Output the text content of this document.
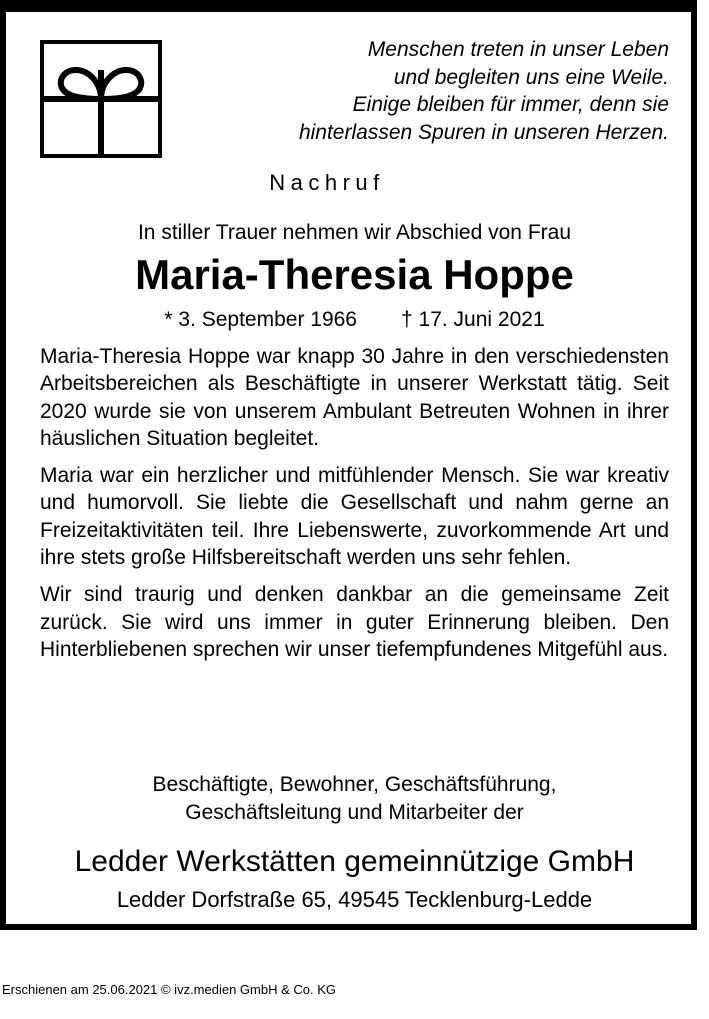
Menschen treten in unser Leben
und begleiten uns eine Weile.
Einige bleiben für immer, denn sie
hinterlassen Spuren in unseren Herzen.
Nachruf
In stiller Trauer nehmen wir Abschied von Frau
Maria-Theresia Hoppe
* 3. September 1966 † 17. Juni 2021

Maria-Theresia Hoppe war knapp 30 Jahre in den verschiedensten Arbeitsbereichen als Beschäftigte in unserer Werkstatt tätig. Seit 2020 wurde sie von unserem Ambulant Betreuten Wohnen in ihrer häuslichen Situation begleitet.

Maria war ein herzlicher und mitfühlender Mensch. Sie war kreativ und humorvoll. Sie liebte die Gesellschaft und nahm gerne an Freizeitaktivitäten teil. Ihre Liebenswerte, zuvorkommende Art und ihre stets große Hilfsbereitschaft werden uns sehr fehlen.

Wir sind traurig und denken dankbar an die gemeinsame Zeit zurück. Sie wird uns immer in guter Erinnerung bleiben. Den Hinterbliebenen sprechen wir unser tiefempfundenes Mitgefühl aus.

Beschäftigte, Bewohner, Geschäftsführung,
Geschäftsleitung und Mitarbeiter der
Ledder Werkstätten gemeinnützige GmbH
Ledder Dorfstraße 65, 49545 Tecklenburg-Ledde
Erschienen am 25.06.2021 © ivz.medien GmbH & Co. KG
